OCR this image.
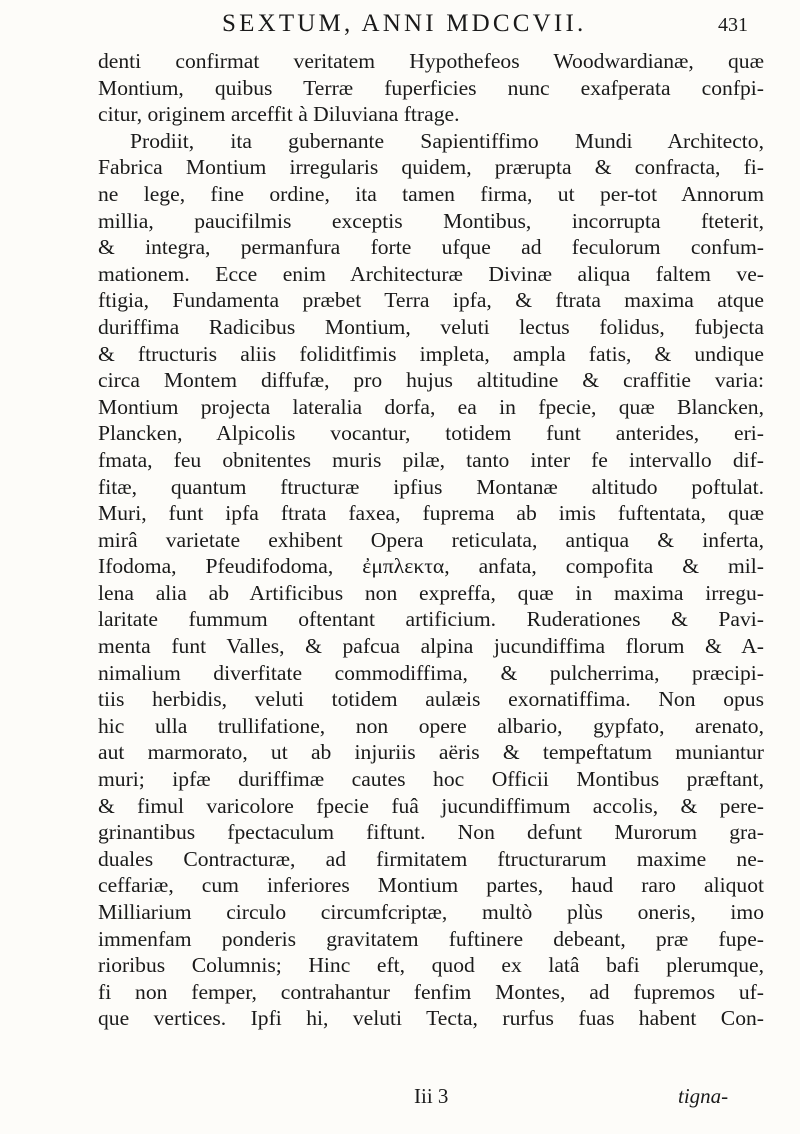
SEXTUM, ANNI MDCCVII.	431
denti confirmat veritatem Hypothefeos Woodwardianæ, quæ
Montium, quibus Terræ fuperficies nunc exafperata confpi-
citur, originem arceffit à Diluviana ftrage.
Prodiit, ita gubernante Sapientiffimo Mundi Architecto,
Fabrica Montium irregularis quidem, prærupta & confracta, fi-
ne lege, fine ordine, ita tamen firma, ut per-tot Annorum
millia, paucifilmis exceptis Montibus, incorrupta fteterit,
& integra, permanfura forte ufque ad feculorum confum-
mationem. Ecce enim Architecturæ Divinæ aliqua faltem ve-
ftigia, Fundamenta præbet Terra ipfa, & ftrata maxima atque
duriffima Radicibus Montium, veluti lectus folidus, fubjecta
& ftructuris aliis foliditfimis impleta, ampla fatis, & undique
circa Montem diffufæ, pro hujus altitudine & craffitie varia:
Montium projecta lateralia dorfa, ea in fpecie, quæ Blancken,
Plancken, Alpicolis vocantur, totidem funt anterides, eri-
fmata, feu obnitentes muris pilæ, tanto inter fe intervallo dif-
fitæ, quantum ftructuræ ipfius Montanæ altitudo poftulat.
Muri, funt ipfa ftrata faxea, fuprema ab imis fuftentata, quæ
mirâ varietate exhibent Opera reticulata, antiqua & inferta,
Ifodoma, Pfeudifodoma, ἐμπλεκτα, anfata, compofita & mil-
lena alia ab Artificibus non expreffa, quæ in maxima irregu-
laritate fummum oftentant artificium. Ruderationes & Pavi-
menta funt Valles, & pafcua alpina jucundiffima florum & A-
nimalium diverfitate commodiffima, & pulcherrima, præcipi-
tiis herbidis, veluti totidem aulæis exornatiffima. Non opus
hic ulla trullifatione, non opere albario, gypfato, arenato,
aut marmorato, ut ab injuriis aëris & tempeftatum muniantur
muri; ipfæ duriffimæ cautes hoc Officii Montibus præftant,
& fimul varicolore fpecie fuâ jucundiffimum accolis, & pere-
grinantibus fpectaculum fiftunt. Non defunt Murorum gra-
duales Contracturæ, ad firmitatem ftructurarum maxime ne-
ceffariæ, cum inferiores Montium partes, haud raro aliquot
Milliarium circulo circumfcriptæ, multò plùs oneris, imo
immenfam ponderis gravitatem fuftinere debeant, præ fupe-
rioribus Columnis; Hinc eft, quod ex latâ bafi plerumque,
fi non femper, contrahantur fenfim Montes, ad fupremos uf-
que vertices. Ipfi hi, veluti Tecta, rurfus fuas habent Con-
Iii 3	tigna-
